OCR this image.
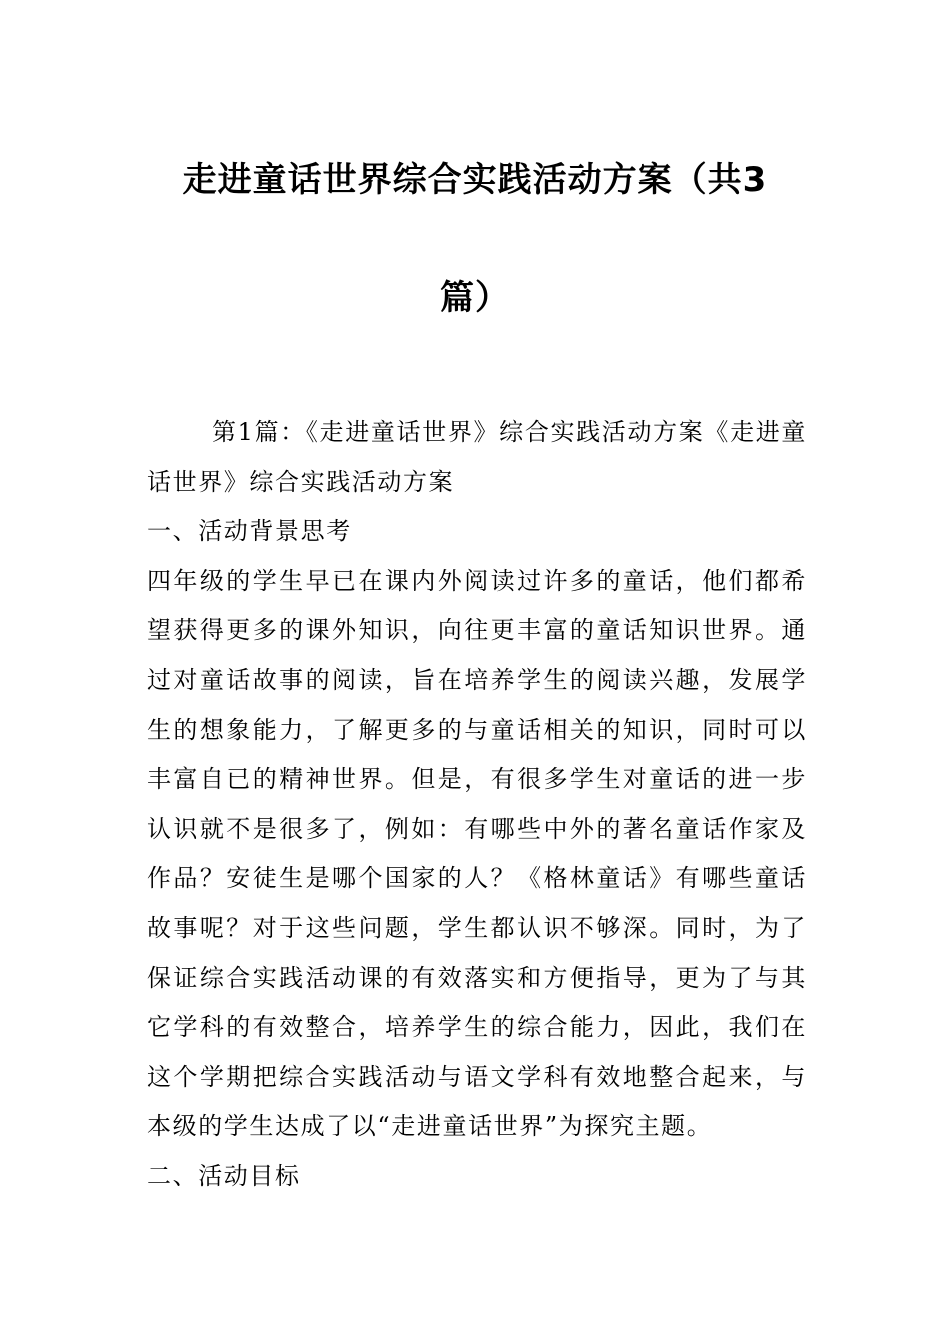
走进童话世界综合实践活动方案（共3
篇）

第1篇：《走进童话世界》综合实践活动方案《走进童话世界》综合实践活动方案

一、活动背景思考

四年级的学生早已在课内外阅读过许多的童话，他们都希望获得更多的课外知识，向往更丰富的童话知识世界。通过对童话故事的阅读，旨在培养学生的阅读兴趣，发展学生的想象能力，了解更多的与童话相关的知识，同时可以丰富自已的精神世界。但是，有很多学生对童话的进一步认识就不是很多了，例如：有哪些中外的著名童话作家及作品？安徒生是哪个国家的人？《格林童话》有哪些童话故事呢？对于这些问题，学生都认识不够深。同时，为了保证综合实践活动课的有效落实和方便指导，更为了与其它学科的有效整合，培养学生的综合能力，因此，我们在这个学期把综合实践活动与语文学科有效地整合起来，与本级的学生达成了以“走进童话世界”为探究主题。

二、活动目标
